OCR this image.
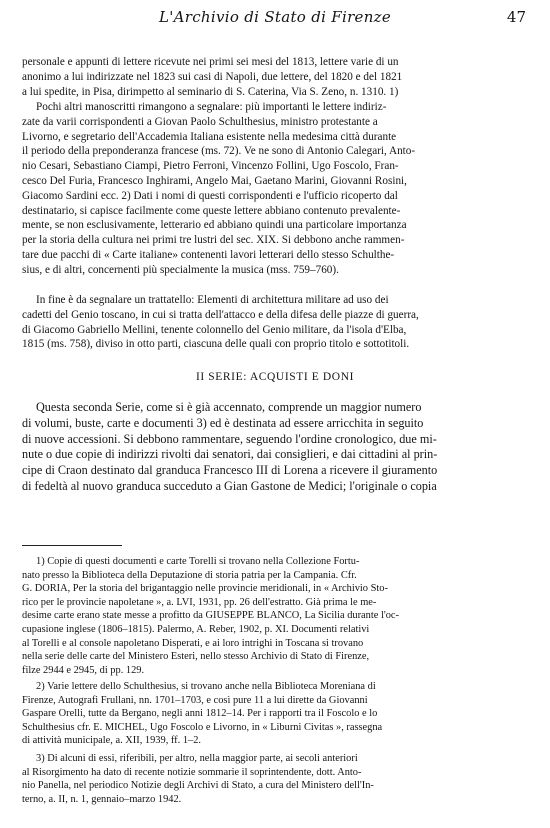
L'Archivio di Stato di Firenze	47
personale e appunti di lettere ricevute nei primi sei mesi del 1813, lettere varie di un
anonimo a lui indirizzate nel 1823 sui casi di Napoli, due lettere, del 1820 e del 1821
a lui spedite, in Pisa, dirimpetto al seminario di S. Caterina, Via S. Zeno, n. 1310. 1)
Pochi altri manoscritti rimangono a segnalare: più importanti le lettere indiriz-
zate da varii corrispondenti a Giovan Paolo Schulthesius, ministro protestante a
Livorno, e segretario dell'Accademia Italiana esistente nella medesima città durante
il periodo della preponderanza francese (ms. 72). Ve ne sono di Antonio Calegari, Anto-
nio Cesari, Sebastiano Ciampi, Pietro Ferroni, Vincenzo Follini, Ugo Foscolo, Fran-
cesco Del Furia, Francesco Inghirami, Angelo Mai, Gaetano Marini, Giovanni Rosini,
Giacomo Sardini ecc. 2) Dati i nomi di questi corrispondenti e l'ufficio ricoperto dal
destinatario, si capisce facilmente come queste lettere abbiano contenuto prevalente-
mente, se non esclusivamente, letterario ed abbiano quindi una particolare importanza
per la storia della cultura nei primi tre lustri del sec. XIX. Si debbono anche rammen-
tare due pacchi di « Carte italiane» contenenti lavori letterari dello stesso Schulthe-
sius, e di altri, concernenti più specialmente la musica (mss. 759–760).
In fine è da segnalare un trattatello: Elementi di architettura militare ad uso dei
cadetti del Genio toscano, in cui si tratta dell'attacco e della difesa delle piazze di guerra,
di Giacomo Gabriello Mellini, tenente colonnello del Genio militare, da l'isola d'Elba,
1815 (ms. 758), diviso in otto parti, ciascuna delle quali con proprio titolo e sottotitoli.
II SERIE: ACQUISTI E DONI
Questa seconda Serie, come si è già accennato, comprende un maggior numero
di volumi, buste, carte e documenti 3) ed è destinata ad essere arricchita in seguito
di nuove accessioni. Si debbono rammentare, seguendo l'ordine cronologico, due mi-
nute o due copie di indirizzi rivolti dai senatori, dai consiglieri, e dai cittadini al prin-
cipe di Craon destinato dal granduca Francesco III di Lorena a ricevere il giuramento
di fedeltà al nuovo granduca succeduto a Gian Gastone de Medici; l'originale o copia
1) Copie di questi documenti e carte Torelli si trovano nella Collezione Fortu-
nato presso la Biblioteca della Deputazione di storia patria per la Campania. Cfr.
G. DORIA, Per la storia del brigantaggio nelle provincie meridionali, in « Archivio Sto-
rico per le provincie napoletane », a. LVI, 1931, pp. 26 dell'estratto. Già prima le me-
desime carte erano state messe a profitto da GIUSEPPE BLANCO, La Sicilia durante l'oc-
cupasione inglese (1806–1815). Palermo, A. Reber, 1902, p. XI. Documenti relativi
al Torelli e al console napoletano Disperati, e ai loro intrighi in Toscana si trovano
nella serie delle carte del Ministero Esteri, nello stesso Archivio di Stato di Firenze,
filze 2944 e 2945, di pp. 129.
2) Varie lettere dello Schulthesius, si trovano anche nella Biblioteca Moreniana di
Firenze, Autografi Frullani, nn. 1701–1703, e così pure 11 a lui dirette da Giovanni
Gaspare Orelli, tutte da Bergano, negli anni 1812–14. Per i rapporti tra il Foscolo e lo
Schulthesius cfr. E. MICHEL, Ugo Foscolo e Livorno, in « Liburni Civitas », rassegna
di attività municipale, a. XII, 1939, ff. 1–2.
3) Di alcuni di essi, riferibili, per altro, nella maggior parte, ai secoli anteriori
al Risorgimento ha dato di recente notizie sommarie il soprintendente, dott. Anto-
nio Panella, nel periodico Notizie degli Archivi di Stato, a cura del Ministero dell'In-
terno, a. II, n. 1, gennaio–marzo 1942.
